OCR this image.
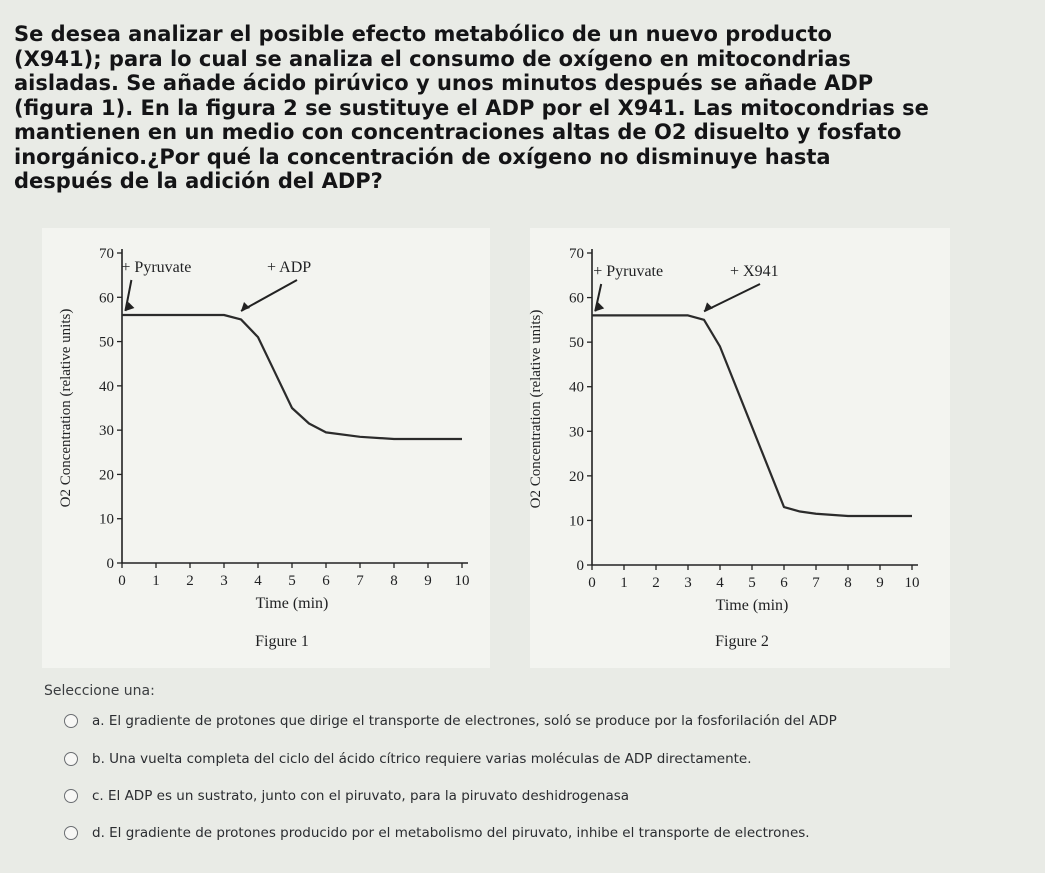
Se desea analizar el posible efecto metabólico de un nuevo producto
(X941); para lo cual se analiza el consumo de oxígeno en mitocondrias
aisladas. Se añade ácido pirúvico y unos minutos después se añade ADP
(figura 1). En la figura 2 se sustituye el ADP por el X941. Las mitocondrias se
mantienen en un medio con concentraciones altas de O2 disuelto y fosfato
inorgánico.¿Por qué la concentración de oxígeno no disminuye hasta
después de la adición del ADP?
0
10
20
30
40
50
60
70
0 1 2 3 4 5 6 7 8 9 10
Time (min)
O2 Concentration (relative units)
+ Pyruvate	+ ADP
Figure 1
0
10
20
30
40
50
60
70
0 1 2 3 4 5 6 7 8 9 10
Time (min)
O2 Concentration (relative units)
+ Pyruvate	+ X941
Figure 2
Seleccione una:
a. El gradiente de protones que dirige el transporte de electrones, soló se produce por la fosforilación del ADP
b. Una vuelta completa del ciclo del ácido cítrico requiere varias moléculas de ADP directamente.
c. El ADP es un sustrato, junto con el piruvato, para la piruvato deshidrogenasa
d. El gradiente de protones producido por el metabolismo del piruvato, inhibe el transporte de electrones.
